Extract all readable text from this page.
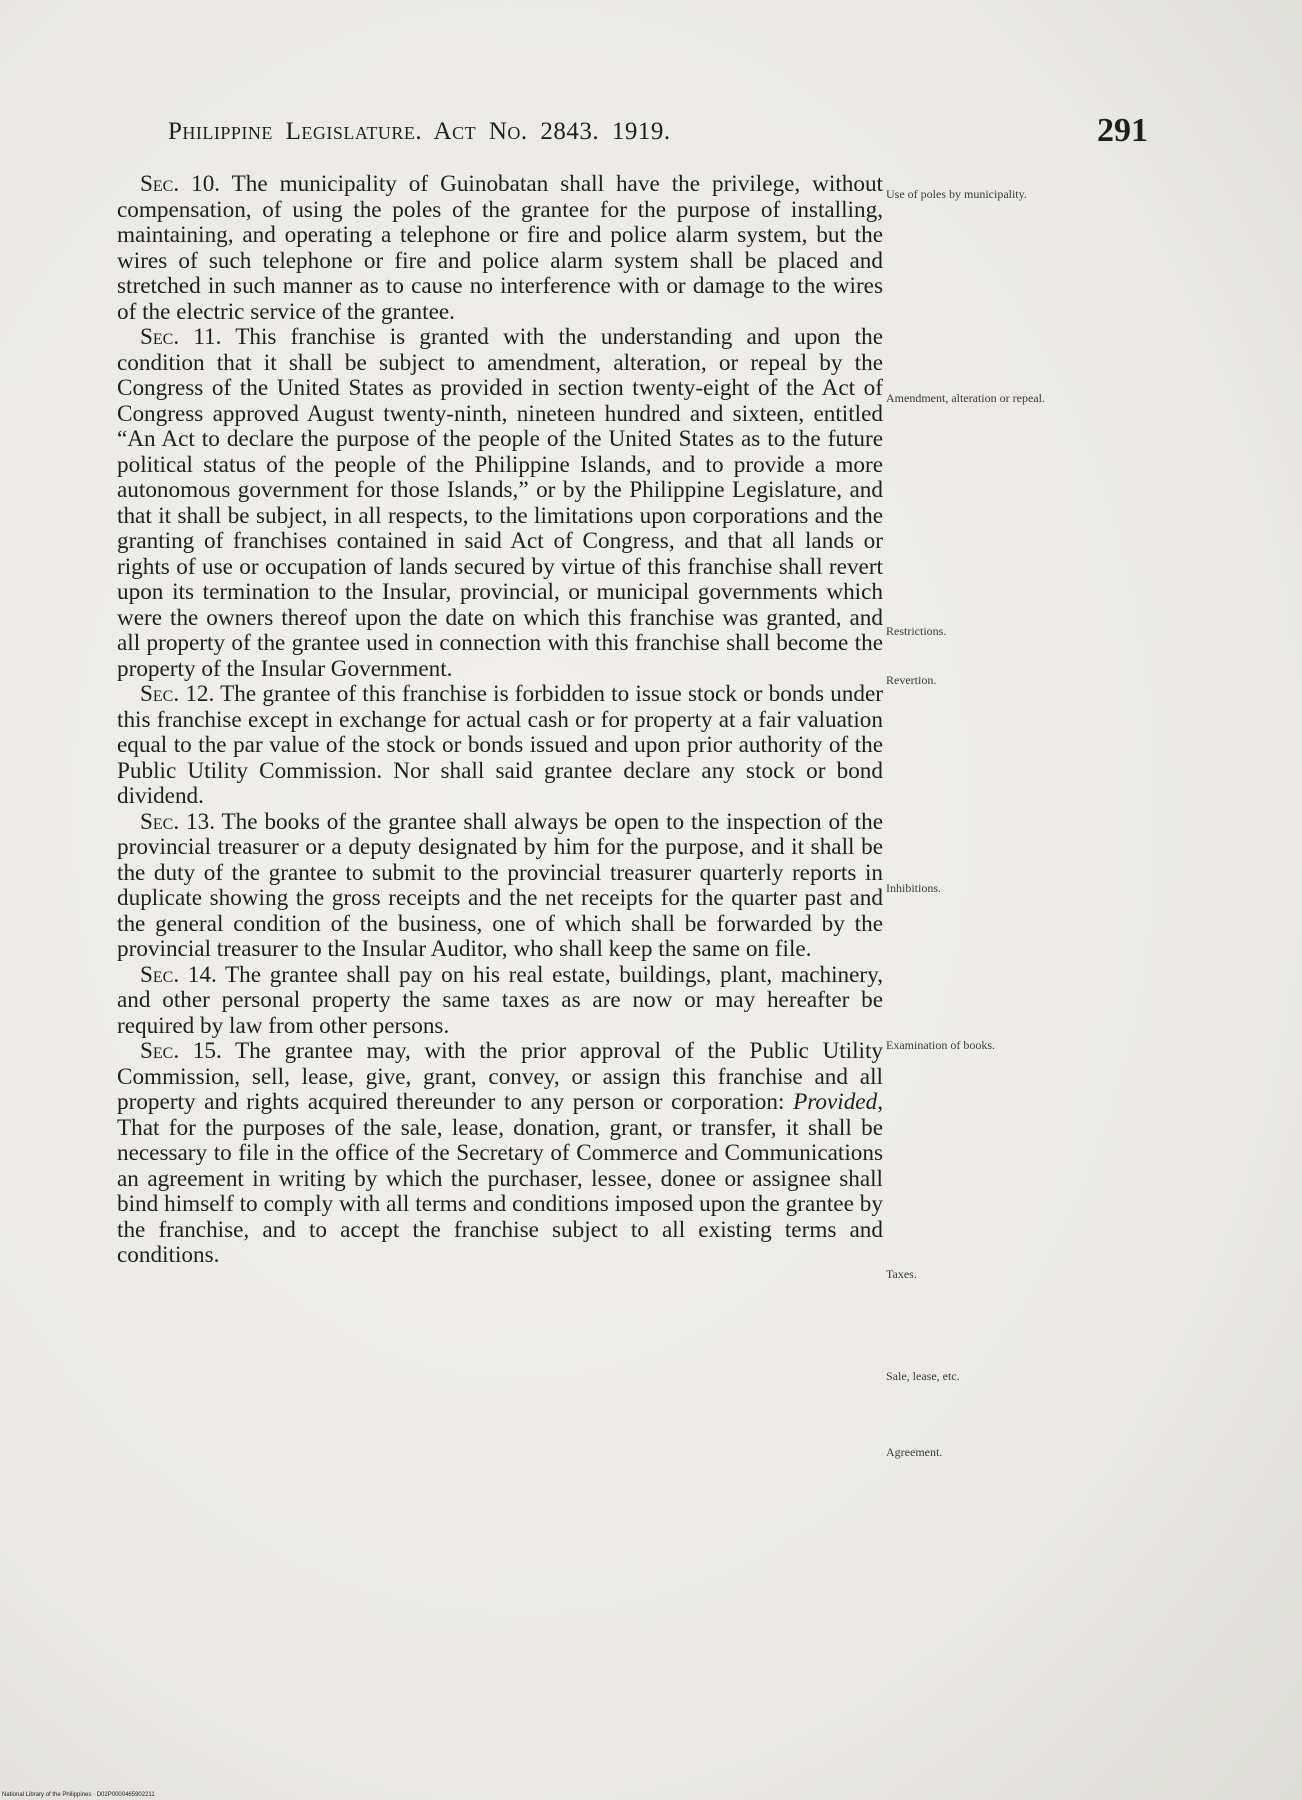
Philippine Legislature. Act No. 2843. 1919.	291

Sec. 10. The municipality of Guinobatan shall have the privilege, without compensation, of using the poles of the grantee for the purpose of installing, maintaining, and operating a telephone or fire and police alarm system, but the wires of such telephone or fire and police alarm system shall be placed and stretched in such manner as to cause no interference with or damage to the wires of the electric service of the grantee.

Sec. 11. This franchise is granted with the understanding and upon the condition that it shall be subject to amendment, alteration, or repeal by the Congress of the United States as provided in section twenty-eight of the Act of Congress approved August twenty-ninth, nineteen hundred and sixteen, entitled “An Act to declare the purpose of the people of the United States as to the future political status of the people of the Philippine Islands, and to provide a more autonomous government for those Islands,” or by the Philippine Legislature, and that it shall be subject, in all respects, to the limitations upon corporations and the granting of franchises contained in said Act of Congress, and that all lands or rights of use or occupation of lands secured by virtue of this franchise shall revert upon its termination to the Insular, provincial, or municipal governments which were the owners thereof upon the date on which this franchise was granted, and all property of the grantee used in connection with this franchise shall become the property of the Insular Government.

Sec. 12. The grantee of this franchise is forbidden to issue stock or bonds under this franchise except in exchange for actual cash or for property at a fair valuation equal to the par value of the stock or bonds issued and upon prior authority of the Public Utility Commission. Nor shall said grantee declare any stock or bond dividend.

Sec. 13. The books of the grantee shall always be open to the inspection of the provincial treasurer or a deputy designated by him for the purpose, and it shall be the duty of the grantee to submit to the provincial treasurer quarterly reports in duplicate showing the gross receipts and the net receipts for the quarter past and the general condition of the business, one of which shall be forwarded by the provincial treasurer to the Insular Auditor, who shall keep the same on file.

Sec. 14. The grantee shall pay on his real estate, buildings, plant, machinery, and other personal property the same taxes as are now or may hereafter be required by law from other persons.

Sec. 15. The grantee may, with the prior approval of the Public Utility Commission, sell, lease, give, grant, convey, or assign this franchise and all property and rights acquired thereunder to any person or corporation: Provided, That for the purposes of the sale, lease, donation, grant, or transfer, it shall be necessary to file in the office of the Secretary of Commerce and Communications an agreement in writing by which the purchaser, lessee, donee or assignee shall bind himself to comply with all terms and conditions imposed upon the grantee by the franchise, and to accept the franchise subject to all existing terms and conditions.

Use of poles by municipality.
Amendment, alteration or repeal.
Restrictions.
Revertion.
Inhibitions.
Examination of books.
Taxes.
Sale, lease, etc.
Agreement.
National Library of the Philippines · D02P0000465902211
